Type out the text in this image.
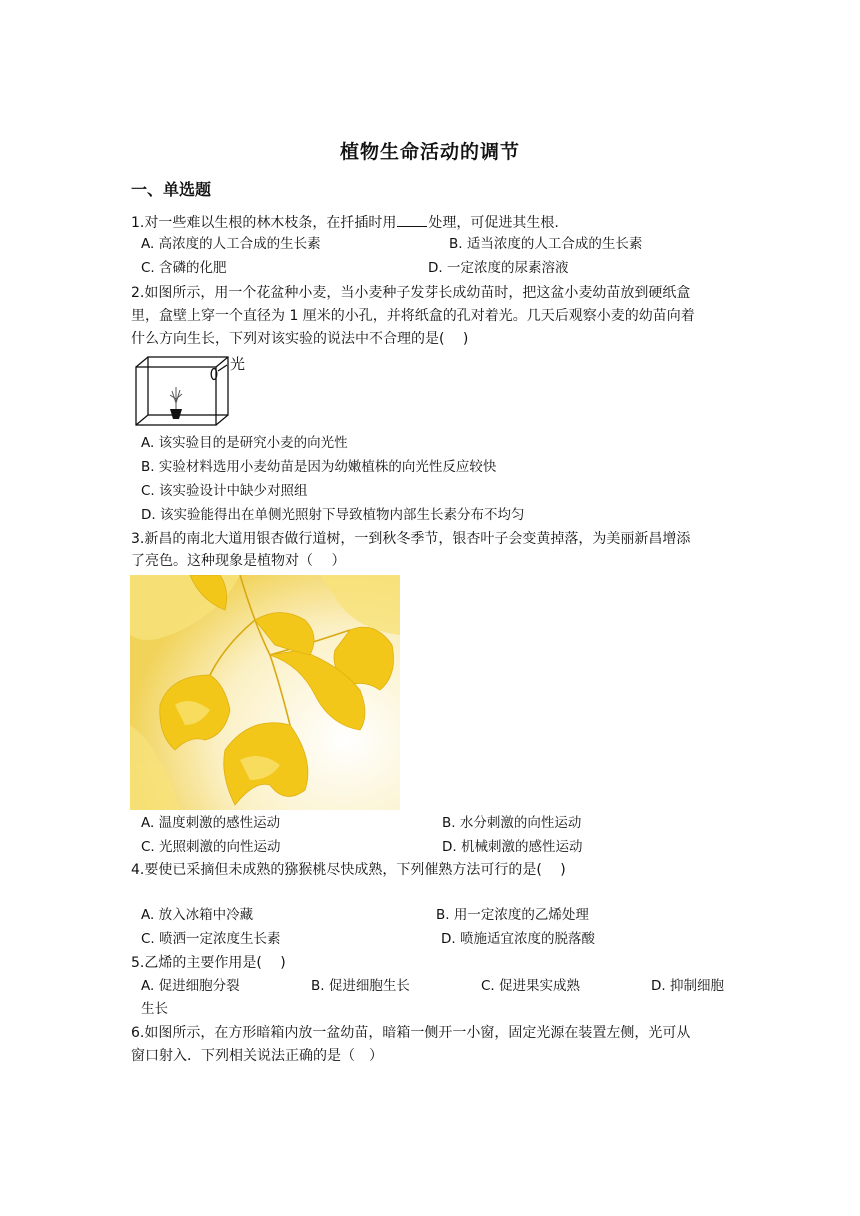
植物生命活动的调节
一、单选题
1.对一些难以生根的林木枝条，在扦插时用 处理，可促进其生根.
A. 高浓度的人工合成的生长素	B. 适当浓度的人工合成的生长素
C. 含磷的化肥	D. 一定浓度的尿素溶液
2.如图所示，用一个花盆种小麦，当小麦种子发芽长成幼苗时，把这盆小麦幼苗放到硬纸盒
里，盒壁上穿一个直径为 1 厘米的小孔，并将纸盒的孔对着光。几天后观察小麦的幼苗向着
什么方向生长，下列对该实验的说法中不合理的是(　 )
光
A. 该实验目的是研究小麦的向光性
B. 实验材料选用小麦幼苗是因为幼嫩植株的向光性反应较快
C. 该实验设计中缺少对照组
D. 该实验能得出在单侧光照射下导致植物内部生长素分布不均匀
3.新昌的南北大道用银杏做行道树，一到秋冬季节，银杏叶子会变黄掉落，为美丽新昌增添
了亮色。这种现象是植物对（　 ）
A. 温度刺激的感性运动	B. 水分刺激的向性运动
C. 光照刺激的向性运动	D. 机械刺激的感性运动
4.要使已采摘但未成熟的猕猴桃尽快成熟，下列催熟方法可行的是(　 )
A. 放入冰箱中冷藏	B. 用一定浓度的乙烯处理
C. 喷洒一定浓度生长素	D. 喷施适宜浓度的脱落酸
5.乙烯的主要作用是(　 )
A. 促进细胞分裂	B. 促进细胞生长	C. 促进果实成熟	D. 抑制细胞
生长
6.如图所示，在方形暗箱内放一盆幼苗，暗箱一侧开一小窗，固定光源在装置左侧，光可从
窗口射入．下列相关说法正确的是（　）
